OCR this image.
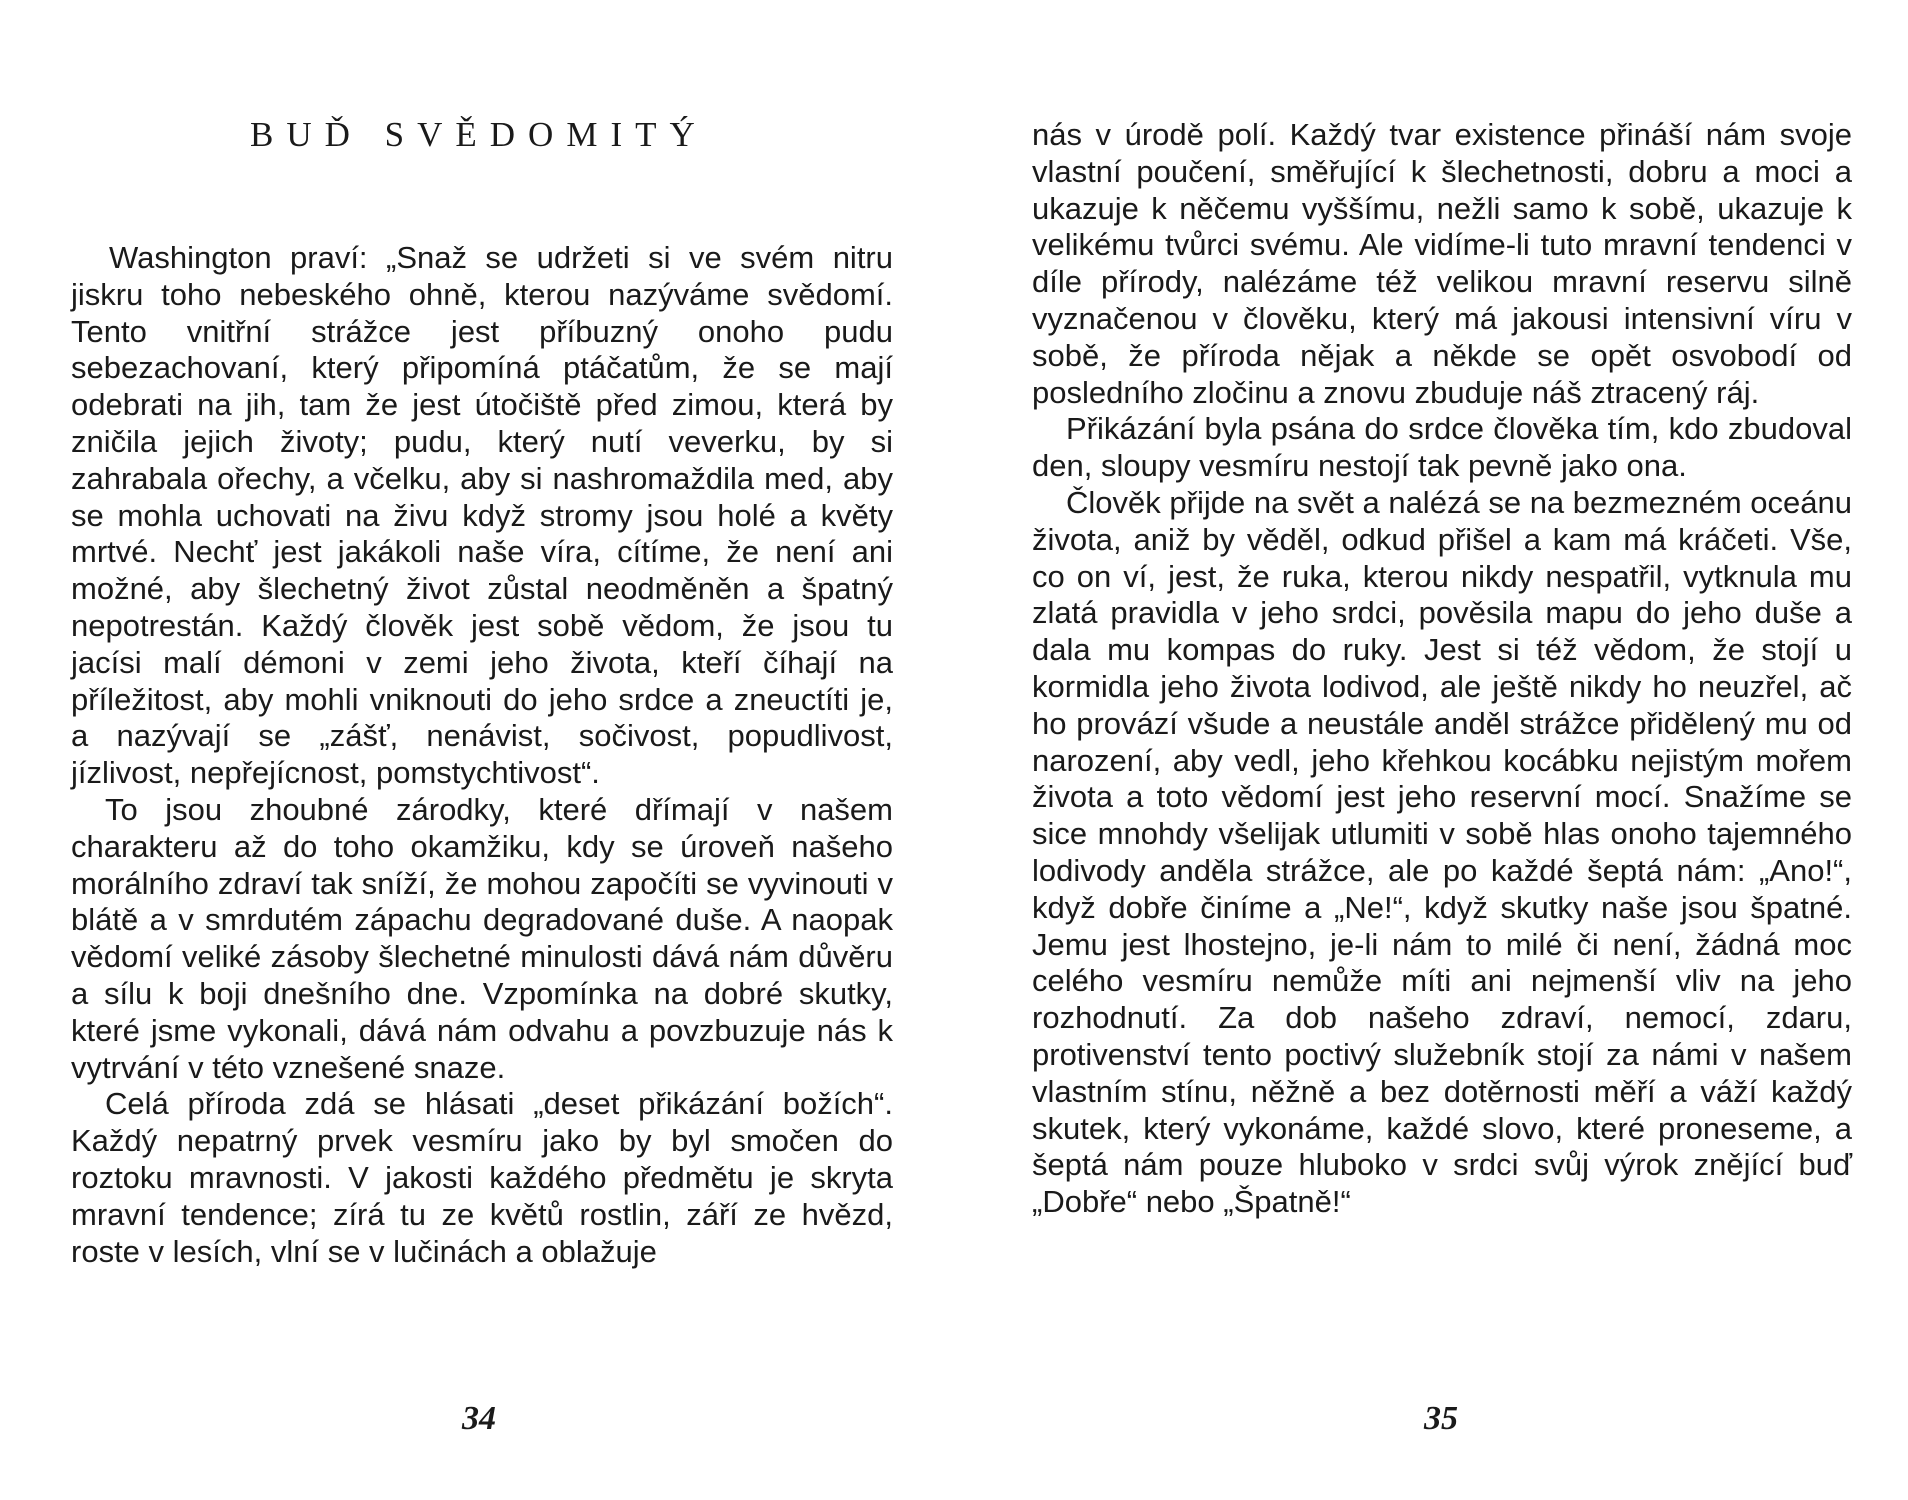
BUĎ SVĚDOMITÝ

Washington praví: „Snaž se udržeti si ve svém nitru jiskru toho nebeského ohně, kterou nazýváme svědomí. Tento vnitřní strážce jest příbuzný onoho pudu sebezachovaní, který připomíná ptáčatům, že se mají odebrati na jih, tam že jest útočiště před zimou, která by zničila jejich životy; pudu, který nutí veverku, by si zahrabala ořechy, a včelku, aby si nashromaždila med, aby se mohla uchovati na živu když stromy jsou holé a květy mrtvé. Nechť jest jakákoli naše víra, cítíme, že není ani možné, aby šlechetný život zůstal neodměněn a špatný nepotrestán. Každý člověk jest sobě vědom, že jsou tu jacísi malí démoni v zemi jeho života, kteří číhají na příležitost, aby mohli vniknouti do jeho srdce a zneuctíti je, a nazývají se „zášť, nenávist, sočivost, popudlivost, jízlivost, nepřejícnost, pomstychtivost“.

To jsou zhoubné zárodky, které dřímají v našem charakteru až do toho okamžiku, kdy se úroveň našeho morálního zdraví tak sníží, že mohou započíti se vyvinouti v blátě a v smrdutém zápachu degradované duše. A naopak vědomí veliké zásoby šlechetné minulosti dává nám důvěru a sílu k boji dnešního dne. Vzpomínka na dobré skutky, které jsme vykonali, dává nám odvahu a povzbuzuje nás k vytrvání v této vznešené snaze.

Celá příroda zdá se hlásati „deset přikázání božích“. Každý nepatrný prvek vesmíru jako by byl smočen do roztoku mravnosti. V jakosti každého předmětu je skryta mravní tendence; zírá tu ze květů rostlin, září ze hvězd, roste v lesích, vlní se v lučinách a oblažuje

34

nás v úrodě polí. Každý tvar existence přináší nám svoje vlastní poučení, směřující k šlechetnosti, dobru a moci a ukazuje k něčemu vyššímu, nežli samo k sobě, ukazuje k velikému tvůrci svému. Ale vidíme-li tuto mravní tendenci v díle přírody, nalézáme též velikou mravní reservu silně vyznačenou v člověku, který má jakousi intensivní víru v sobě, že příroda nějak a někde se opět osvobodí od posledního zločinu a znovu zbuduje náš ztracený ráj.

Přikázání byla psána do srdce člověka tím, kdo zbudoval den, sloupy vesmíru nestojí tak pevně jako ona.

Člověk přijde na svět a nalézá se na bezmezném oceánu života, aniž by věděl, odkud přišel a kam má kráčeti. Vše, co on ví, jest, že ruka, kterou nikdy nespatřil, vytknula mu zlatá pravidla v jeho srdci, pověsila mapu do jeho duše a dala mu kompas do ruky. Jest si též vědom, že stojí u kormidla jeho života lodivod, ale ještě nikdy ho neuzřel, ač ho provází všude a neustále anděl strážce přidělený mu od narození, aby vedl, jeho křehkou kocábku nejistým mořem života a toto vědomí jest jeho reservní mocí. Snažíme se sice mnohdy všelijak utlumiti v sobě hlas onoho tajemného lodivody anděla strážce, ale po každé šeptá nám: „Ano!“, když dobře činíme a „Ne!“, když skutky naše jsou špatné. Jemu jest lhostejno, je-li nám to milé či není, žádná moc celého vesmíru nemůže míti ani nejmenší vliv na jeho rozhodnutí. Za dob našeho zdraví, nemocí, zdaru, protivenství tento poctivý služebník stojí za námi v našem vlastním stínu, něžně a bez dotěrnosti měří a váží každý skutek, který vykonáme, každé slovo, které proneseme, a šeptá nám pouze hluboko v srdci svůj výrok znějící buď „Dobře“ nebo „Špatně!“

35
